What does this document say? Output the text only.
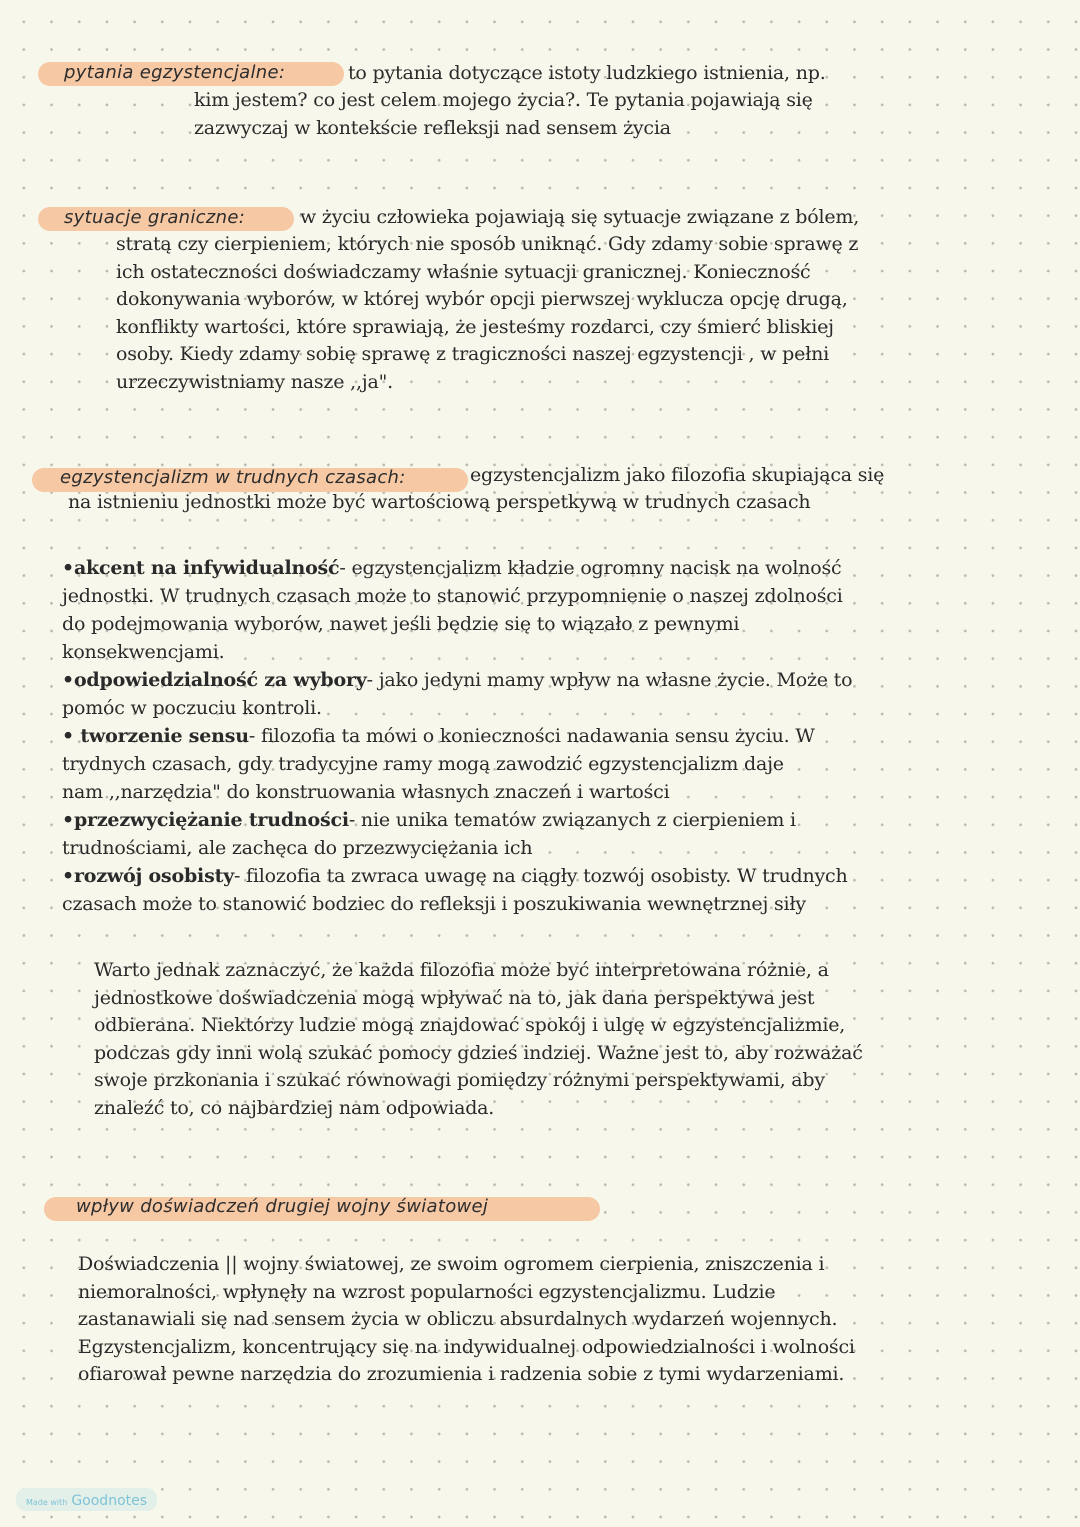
pytania egzystencjalne:	to pytania dotyczące istoty ludzkiego istnienia, np.
kim jestem? co jest celem mojego życia?. Te pytania pojawiają się
zazwyczaj w kontekście refleksji nad sensem życia
sytuacje graniczne:	w życiu człowieka pojawiają się sytuacje związane z bólem,
stratą czy cierpieniem, których nie sposób uniknąć. Gdy zdamy sobie sprawę z
ich ostateczności doświadczamy właśnie sytuacji granicznej. Konieczność
dokonywania wyborów, w której wybór opcji pierwszej wyklucza opcję drugą,
konflikty wartości, które sprawiają, że jesteśmy rozdarci, czy śmierć bliskiej
osoby. Kiedy zdamy sobię sprawę z tragiczności naszej egzystencji , w pełni
urzeczywistniamy nasze ,,ja".
egzystencjalizm w trudnych czasach:	egzystencjalizm jako filozofia skupiająca się
na istnieniu jednostki może być wartościową perspetkywą w trudnych czasach
•akcent na infywidualność- egzystencjalizm kładzie ogromny nacisk na wolność
jednostki. W trudnych czasach może to stanowić przypomnienie o naszej zdolności
do podejmowania wyborów, nawet jeśli będzie się to wiązało z pewnymi
konsekwencjami.
•odpowiedzialność za wybory- jako jedyni mamy wpływ na własne życie. Może to
pomóc w poczuciu kontroli.
• tworzenie sensu- filozofia ta mówi o konieczności nadawania sensu życiu. W
trydnych czasach, gdy tradycyjne ramy mogą zawodzić egzystencjalizm daje
nam ,,narzędzia" do konstruowania własnych znaczeń i wartości
•przezwyciężanie trudności- nie unika tematów związanych z cierpieniem i
trudnościami, ale zachęca do przezwyciężania ich
•rozwój osobisty- filozofia ta zwraca uwagę na ciągły tozwój osobisty. W trudnych
czasach może to stanowić bodziec do refleksji i poszukiwania wewnętrznej siły
Warto jednak zaznaczyć, że każda filozofia może być interpretowana różnie, a
jednostkowe doświadczenia mogą wpływać na to, jak dana perspektywa jest
odbierana. Niektórzy ludzie mogą znajdować spokój i ulgę w egzystencjalizmie,
podczas gdy inni wolą szukać pomocy gdzieś indziej. Ważne jest to, aby rozważać
swoje przkonania i szukać równowagi pomiędzy różnymi perspektywami, aby
znaleźć to, co najbardziej nam odpowiada.
wpływ doświadczeń drugiej wojny światowej
Doświadczenia || wojny światowej, ze swoim ogromem cierpienia, zniszczenia i
niemoralności, wpłynęły na wzrost popularności egzystencjalizmu. Ludzie
zastanawiali się nad sensem życia w obliczu absurdalnych wydarzeń wojennych.
Egzystencjalizm, koncentrujący się na indywidualnej odpowiedzialności i wolności
ofiarował pewne narzędzia do zrozumienia i radzenia sobie z tymi wydarzeniami.
Made with Goodnotes
